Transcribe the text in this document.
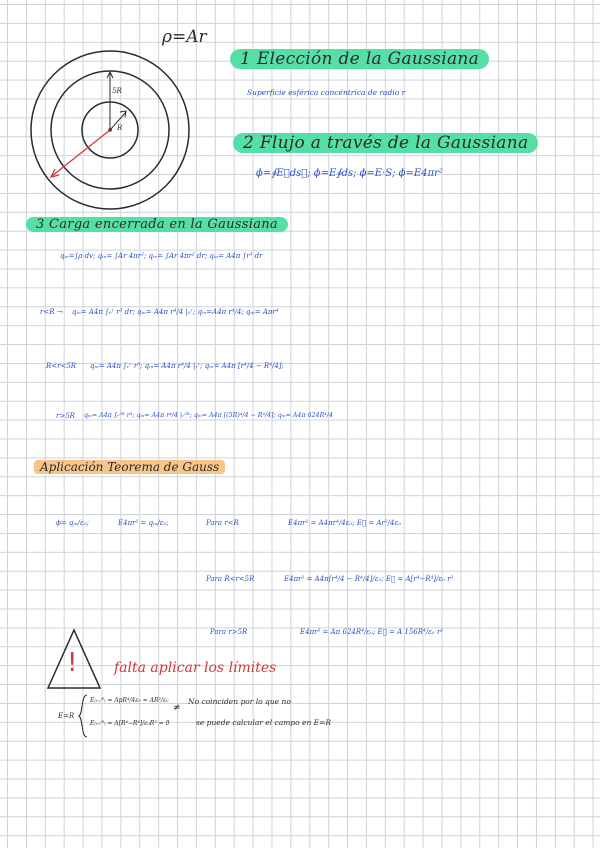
ρ=Ar
5R
R
1 Elección de la Gaussiana
Superficie esférica concéntrica de radio r
2 Flujo a través de la Gaussiana
ϕ=∮E⃗ds⃗; ϕ=E∮ds; ϕ=E·S; ϕ=E4πr²
3 Carga encerrada en la Gaussiana
qᵢₙ=∫ρ dv; qᵢₙ= ∫Ar 4πr²; qᵢₙ= ∫Ar 4πr² dr; qᵢₙ= A4π ∫r³ dr
r<R → qᵢₙ= A4π ∫₀ʳ r³ dr; qᵢₙ= A4π r⁴/4 |₀ʳ; qᵢₙ=A4π r⁴/4; qᵢₙ= Aπr⁴
R<r<5R qᵢₙ= A4π ∫ᵣʳ r³; qᵢₙ= A4π r⁴/4 |ᵣʳ; qᵢₙ= A4π [r⁴/4 − R⁴/4];
r>5R qᵢₙ= A4π ∫ᵣ⁵ᴿ r³; qᵢₙ= A4π r⁴/4 |ᵣ⁵ᴿ; qᵢₙ= A4π [(5R)⁴/4 − R⁴/4]; qᵢₙ= A4π 624R⁴/4
Aplicación Teorema de Gauss
ϕ= qᵢₙ/ε₀;	E4πr² = qᵢₙ/ε₀;	Para r<R	E4πr² = A4πr⁴/4ε₀; E⃗ = Ar²/4ε₀
Para R<r<5R	E4πr² = A4π[r⁴/4 − R⁴/4]/ε₀; E⃗ = A[r⁴−R⁴]/ε₀ r²
Para r>5R	E4πr² = Aπ 624R⁴/ε₀; E⃗ = A 156R⁴/ε₀ r²
!	falta aplicar los límites
E=R
E₍ᵣ₌ᴿ₎ = ApR⁴/4ε₀ = AR²/ε₀
≠
E₍ᵣ₌ᴿ₎ = A[R⁴−R⁴]/ε₀R² = 0
No coinciden por lo que no
se puede calcular el campo en E=R
